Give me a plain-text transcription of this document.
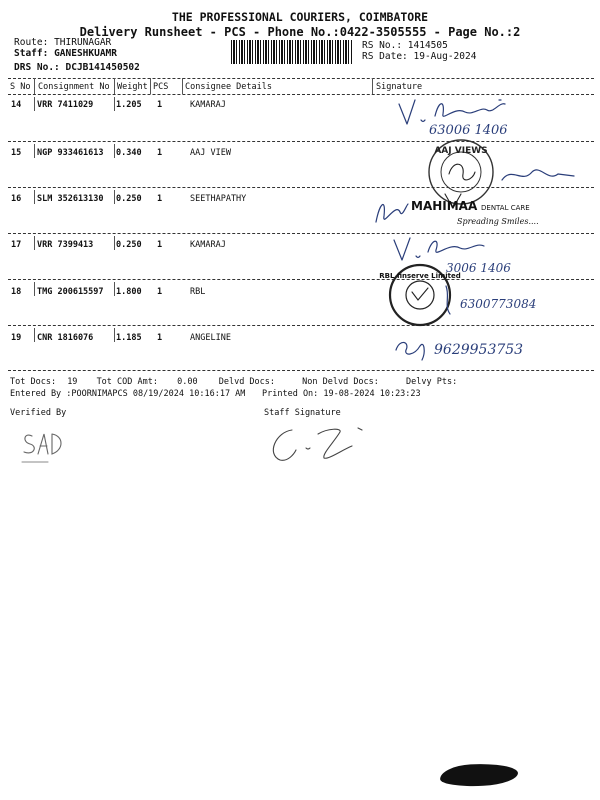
THE PROFESSIONAL COURIERS, COIMBATORE
Delivery Runsheet - PCS - Phone No.:0422-3505555 - Page No.:2
Route: THIRUNAGAR
Staff: GANESHKUAMR
DRS No.: DCJB141450502
RS No.: 1414505
RS Date: 19-Aug-2024
S No Consignment No Weight PCS Consignee Details	Signature
14 VRR 7411029	1.205 1	KAMARAJ
15 NGP 933461613 0.340 1	AAJ VIEW
16 SLM 352613130 0.250 1	SEETHAPATHY
17 VRR 7399413	0.250 1	KAMARAJ
18 TMG 200615597 1.800 1	RBL
19 CNR 1816076	1.185 1	ANGELINE
63006 1406
AAJ VIEWS
MAHIMAA DENTAL CARE
Spreading Smiles....
3006 1406
RBL finserve Limited
6300773084
9629953753
Tot Docs: 19 Tot COD Amt: 0.00 Delvd Docs:	Non Delvd Docs:	Delvy Pts:
Entered By :POORNIMAPCS 08/19/2024 10:16:17 AM Printed On: 19-08-2024 10:23:23
Verified By	Staff Signature
